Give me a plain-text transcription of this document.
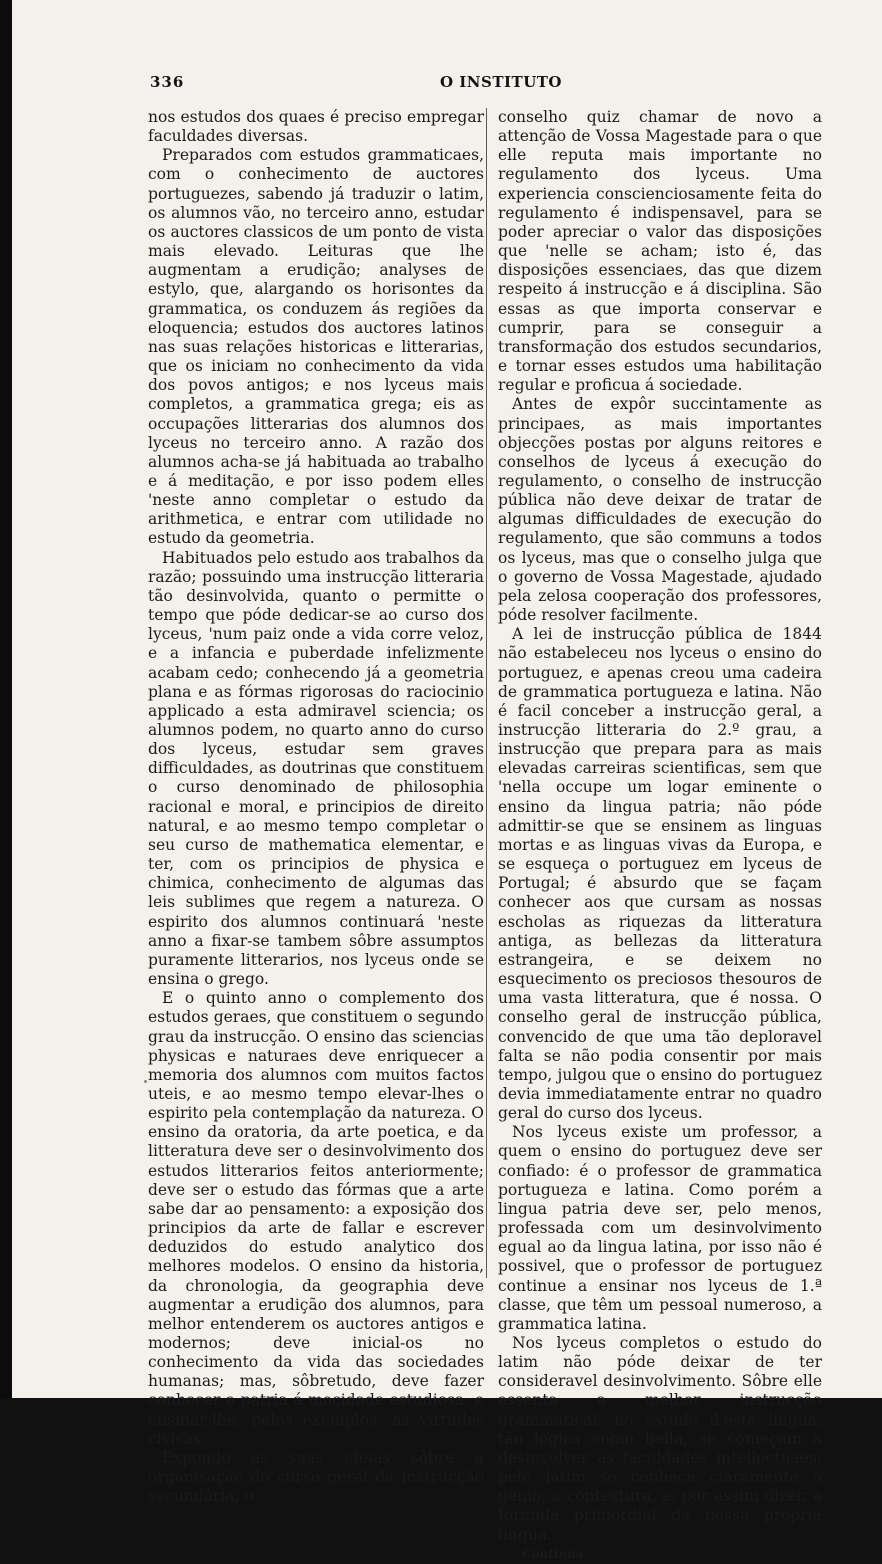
336	O INSTITUTO

nos estudos dos quaes é preciso empregar faculdades diversas.

Preparados com estudos grammaticaes, com o conhecimento de auctores portuguezes, sabendo já traduzir o latim, os alumnos vão, no terceiro anno, estudar os auctores classicos de um ponto de vista mais elevado. Leituras que lhe augmentam a erudição; analyses de estylo, que, alargando os horisontes da grammatica, os conduzem ás regiões da eloquencia; estudos dos auctores latinos nas suas relações historicas e litterarias, que os iniciam no conhecimento da vida dos povos antigos; e nos lyceus mais completos, a grammatica grega; eis as occupações litterarias dos alumnos dos lyceus no terceiro anno. A razão dos alumnos acha-se já habituada ao trabalho e á meditação, e por isso podem elles 'neste anno completar o estudo da arithmetica, e entrar com utilidade no estudo da geometria.

Habituados pelo estudo aos trabalhos da razão; possuindo uma instrucção litteraria tão desinvolvida, quanto o permitte o tempo que póde dedicar-se ao curso dos lyceus, 'num paiz onde a vida corre veloz, e a infancia e puberdade infelizmente acabam cedo; conhecendo já a geometria plana e as fórmas rigorosas do raciocinio applicado a esta admiravel sciencia; os alumnos podem, no quarto anno do curso dos lyceus, estudar sem graves difficuldades, as doutrinas que constituem o curso denominado de philosophia racional e moral, e principios de direito natural, e ao mesmo tempo completar o seu curso de mathematica elementar, e ter, com os principios de physica e chimica, conhecimento de algumas das leis sublimes que regem a natureza. O espirito dos alumnos continuará 'neste anno a fixar-se tambem sôbre assumptos puramente litterarios, nos lyceus onde se ensina o grego.

E o quinto anno o complemento dos estudos geraes, que constituem o segundo grau da instrucção. O ensino das sciencias physicas e naturaes deve enriquecer a memoria dos alumnos com muitos factos uteis, e ao mesmo tempo elevar-lhes o espirito pela contemplação da natureza. O ensino da oratoria, da arte poetica, e da litteratura deve ser o desinvolvimento dos estudos litterarios feitos anteriormente; deve ser o estudo das fórmas que a arte sabe dar ao pensamento: a exposição dos principios da arte de fallar e escrever deduzidos do estudo analytico dos melhores modelos. O ensino da historia, da chronologia, da geographia deve augmentar a erudição dos alumnos, para melhor entenderem os auctores antigos e modernos; deve inicial-os no conhecimento da vida das sociedades humanas; mas, sôbretudo, deve fazer conhecer a patria á mocidade estudiosa, e ensinar-lhe, pelos exemplos, as virtudes civicas.

Expondo as suas ideias sôbre a organisação do curso geral da instrucção secundária, o

conselho quiz chamar de novo a attenção de Vossa Magestade para o que elle reputa mais importante no regulamento dos lyceus. Uma experiencia conscienciosamente feita do regulamento é indispensavel, para se poder apreciar o valor das disposições que 'nelle se acham; isto é, das disposições essenciaes, das que dizem respeito á instrucção e á disciplina. São essas as que importa conservar e cumprir, para se conseguir a transformação dos estudos secundarios, e tornar esses estudos uma habilitação regular e proficua á sociedade.

Antes de expôr succintamente as principaes, as mais importantes objecções postas por alguns reitores e conselhos de lyceus á execução do regulamento, o conselho de instrucção pública não deve deixar de tratar de algumas difficuldades de execução do regulamento, que são communs a todos os lyceus, mas que o conselho julga que o governo de Vossa Magestade, ajudado pela zelosa cooperação dos professores, póde resolver facilmente.

A lei de instrucção pública de 1844 não estabeleceu nos lyceus o ensino do portuguez, e apenas creou uma cadeira de grammatica portugueza e latina. Não é facil conceber a instrucção geral, a instrucção litteraria do 2.º grau, a instrucção que prepara para as mais elevadas carreiras scientificas, sem que 'nella occupe um logar eminente o ensino da lingua patria; não póde admittir-se que se ensinem as linguas mortas e as linguas vivas da Europa, e se esqueça o portuguez em lyceus de Portugal; é absurdo que se façam conhecer aos que cursam as nossas escholas as riquezas da litteratura antiga, as bellezas da litteratura estrangeira, e se deixem no esquecimento os preciosos thesouros de uma vasta litteratura, que é nossa. O conselho geral de instrucção pública, convencido de que uma tão deploravel falta se não podia consentir por mais tempo, julgou que o ensino do portuguez devia immediatamente entrar no quadro geral do curso dos lyceus.

Nos lyceus existe um professor, a quem o ensino do portuguez deve ser confiado: é o professor de grammatica portugueza e latina. Como porém a lingua patria deve ser, pelo menos, professada com um desinvolvimento egual ao da lingua latina, por isso não é possivel, que o professor de portuguez continue a ensinar nos lyceus de 1.ª classe, que têm um pessoal numeroso, a grammatica latina.

Nos lyceus completos o estudo do latim não póde deixar de ter consideravel desinvolvimento. Sôbre elle assenta a melhor instrucção grammatical; no estudo d'esta lingua, tão logica como bella, se começam a desinvolver as faculdades intellectuaes; pelo latim se conhece claramente o genio, a contextura, e, por assim dizer, a fórmula primordial da nossa propria lingua.

Continúa.
